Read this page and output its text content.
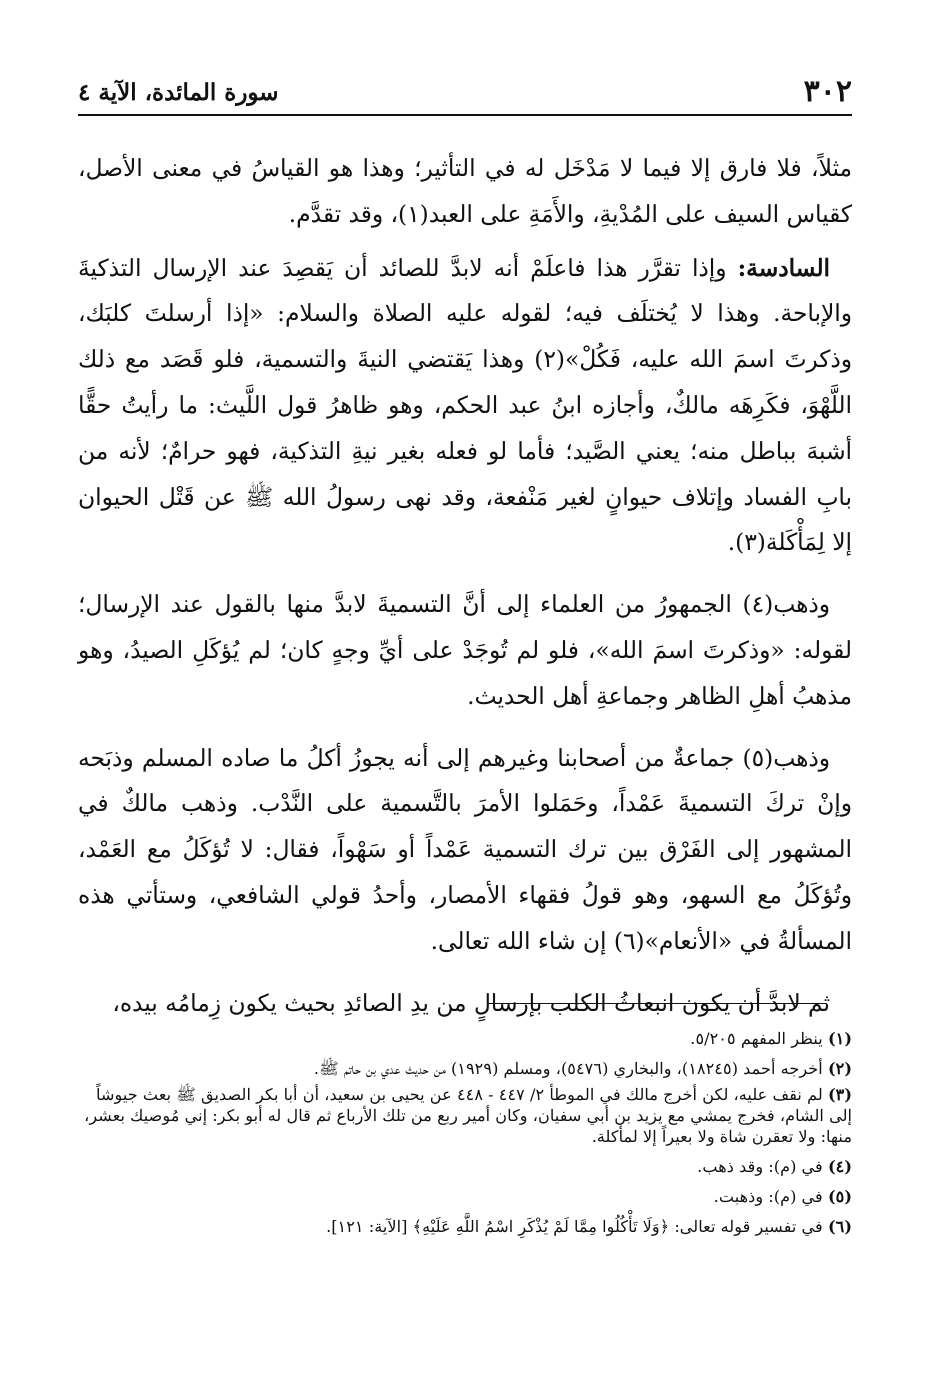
٣٠٢
سورة المائدة، الآية ٤

مثلاً، فلا فارق إلا فيما لا مَدْخَل له في التأثير؛ وهذا هو القياسُ في معنى الأصل، كقياس السيف على المُدْيةِ، والأَمَةِ على العبد(١)، وقد تقدَّم.

السادسة: وإذا تقرَّر هذا فاعلَمْ أنه لابدَّ للصائد أن يَقصِدَ عند الإرسال التذكيةَ والإباحة. وهذا لا يُختلَف فيه؛ لقوله عليه الصلاة والسلام: «إذا أرسلتَ كلبَك، وذكرتَ اسمَ الله عليه، فَكُلْ»(٢) وهذا يَقتضي النيةَ والتسمية، فلو قَصَد مع ذلك اللَّهْوَ، فكَرِهَه مالكٌ، وأجازه ابنُ عبد الحكم، وهو ظاهرُ قول اللَّيث: ما رأيتُ حقًّا أشبهَ بباطل منه؛ يعني الصَّيد؛ فأما لو فعله بغير نيةِ التذكية، فهو حرامٌ؛ لأنه من بابِ الفساد وإتلاف حيوانٍ لغير مَنْفعة، وقد نهى رسولُ الله ﷺ عن قَتْل الحيوان إلا لِمَأْكَلة(٣).

وذهب(٤) الجمهورُ من العلماء إلى أنَّ التسميةَ لابدَّ منها بالقول عند الإرسال؛ لقوله: «وذكرتَ اسمَ الله»، فلو لم تُوجَدْ على أيِّ وجهٍ كان؛ لم يُؤكَلِ الصيدُ، وهو مذهبُ أهلِ الظاهر وجماعةِ أهل الحديث.

وذهب(٥) جماعةٌ من أصحابنا وغيرهم إلى أنه يجوزُ أكلُ ما صاده المسلم وذبَحه وإنْ تركَ التسميةَ عَمْداً، وحَمَلوا الأمرَ بالتَّسمية على النَّدْب. وذهب مالكٌ في المشهور إلى الفَرْق بين ترك التسمية عَمْداً أو سَهْواً، فقال: لا تُؤكَلُ مع العَمْد، وتُؤكَلُ مع السهو، وهو قولُ فقهاء الأمصار، وأحدُ قولي الشافعي، وستأتي هذه المسألةُ في «الأنعام»(٦) إن شاء الله تعالى.

ثم لابدَّ أن يكون انبعاثُ الكلب بإرسالٍ من يدِ الصائدِ بحيث يكون زِمامُه بيده،

(١) ينظر المفهم ٥/٢٠٥.
(٢) أخرجه أحمد (١٨٢٤٥)، والبخاري (٥٤٧٦)، ومسلم (١٩٢٩) من حديث عدي بن حاتم ﷺ.
(٣) لم نقف عليه، لكن أخرج مالك في الموطأ ٢/ ٤٤٧ - ٤٤٨ عن يحيى بن سعيد، أن أبا بكر الصديق ﷺ بعث جيوشاً إلى الشام، فخرج يمشي مع يزيد بن أبي سفيان، وكان أمير ربع من تلك الأرباع ثم قال له أبو بكر: إني مُوصيك بعشر، منها: ولا تعقرن شاة ولا بعيراً إلا لمأكلة.
(٤) في (م): وقد ذهب.
(٥) في (م): وذهبت.
(٦) في تفسير قوله تعالى: ﴿وَلَا تَأْكُلُوا مِمَّا لَمْ يُذْكَرِ اسْمُ اللَّهِ عَلَيْهِ﴾ [الآية: ١٢١].
